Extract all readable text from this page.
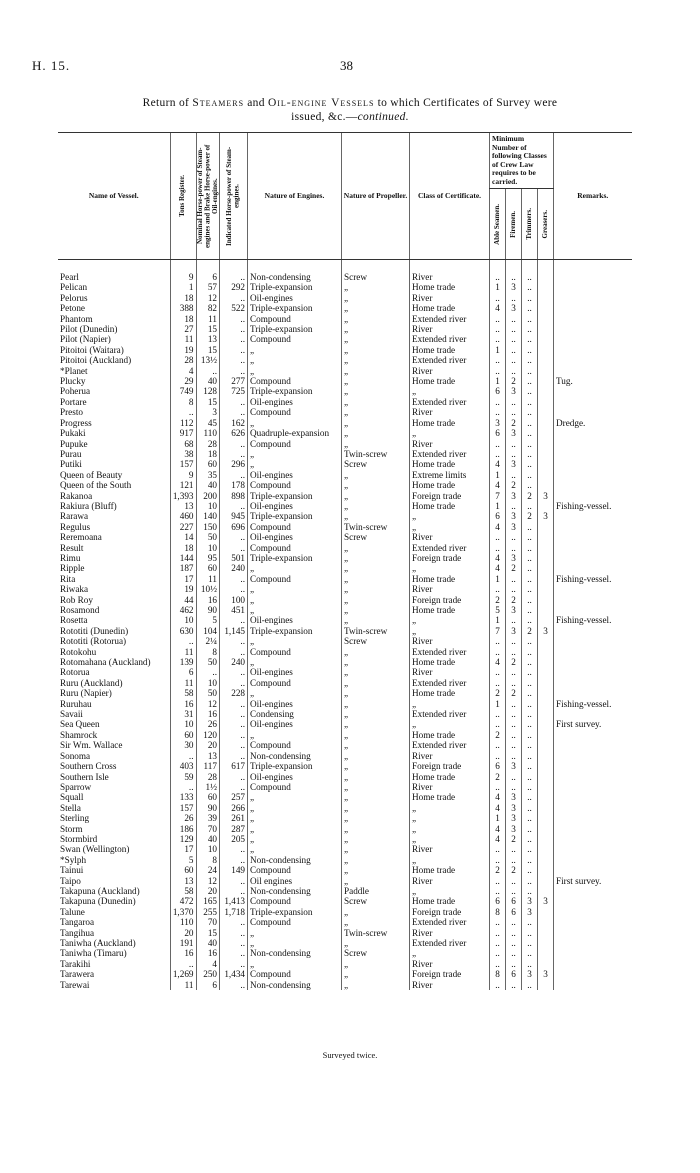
H. 15.	38
Return of Steamers and Oil-engine Vessels to which Certificates of Survey were
issued, &c.—continued.
Name of Vessel.	Tons Register.	Nominal Horse-power of Steam-engines and Brake Horse-power of Oil-engines.	Indicated Horse-power of Steam-engines.	Nature of Engines.	Nature of Propeller.	Class of Certificate.	Minimum Number of following Classes of Crew Law requires to be carried.				Remarks.

							Able Seamen.	Firemen.	Trimmers.	Greasers.	

Pearl	9	6	..	Non-condensing	Screw	River	..	..	..		
Pelican	1	57	292	Triple-expansion	„	Home trade	1	3	..		
Pelorus	18	12	..	Oil-engines	„	River	..	..	..		
Petone	388	82	522	Triple-expansion	„	Home trade	4	3	..		
Phantom	18	11	..	Compound	„	Extended river	..	..	..		
Pilot (Dunedin)	27	15	..	Triple-expansion	„	River	..	..	..		
Pilot (Napier)	11	13	..	Compound	„	Extended river	..	..	..		
Pitoitoi (Waitara)	19	15	..	„	„	Home trade	1	..	..		
Pitoitoi (Auckland)	28	13½	..	„	„	Extended river	..	..	..		
*Planet	4	..	..	„	„	River	..	..	..		
Plucky	29	40	277	Compound	„	Home trade	1	2	..		Tug.
Poherua	749	128	725	Triple-expansion	„	„	6	3	..		
Portare	8	15	..	Oil-engines	„	Extended river	..	..	..		
Presto	..	3	..	Compound	„	River	..	..	..		
Progress	112	45	162	„	„	Home trade	3	2	..		Dredge.
Pukaki	917	110	626	Quadruple-expansion	„	„	6	3	..		
Pupuke	68	28	..	Compound	„	River	..	..	..		
Purau	38	18	..	„	Twin-screw	Extended river	..	..	..		
Putiki	157	60	296	„	Screw	Home trade	4	3	..		
Queen of Beauty	9	35	..	Oil-engines	„	Extreme limits	1	..	..		
Queen of the South	121	40	178	Compound	„	Home trade	4	2	..		
Rakanoa	1,393	200	898	Triple-expansion	„	Foreign trade	7	3	2	3	
Rakiura (Bluff)	13	10	..	Oil-engines	„	Home trade	1	..	..		Fishing-vessel.
Rarawa	460	140	945	Triple-expansion	„	„	6	3	2	3	
Regulus	227	150	696	Compound	Twin-screw	„	4	3	..		
Reremoana	14	50	..	Oil-engines	Screw	River	..	..	..		
Result	18	10	..	Compound	„	Extended river	..	..	..		
Rimu	144	95	501	Triple-expansion	„	Foreign trade	4	3	..		
Ripple	187	60	240	„	„	„	4	2	..		
Rita	17	11	..	Compound	„	Home trade	1	..	..		Fishing-vessel.
Riwaka	19	10½	..	„	„	River	..	..	..		
Rob Roy	44	16	100	„	„	Foreign trade	2	2	..		
Rosamond	462	90	451	„	„	Home trade	5	3	..		
Rosetta	10	5	..	Oil-engines	„	„	1	..	..		Fishing-vessel.
Rototiti (Dunedin)	630	104	1,145	Triple-expansion	Twin-screw	„	7	3	2	3	
Rototiti (Rotorua)	..	2¼	..	„	Screw	River	..	..	..		
Rotokohu	11	8	..	Compound	„	Extended river	..	..	..		
Rotomahana (Auckland)	139	50	240	„	„	Home trade	4	2	..		
Rotorua	6	..	..	Oil-engines	„	River	..	..	..		
Ruru (Auckland)	11	10	..	Compound	„	Extended river	..	..	..		
Ruru (Napier)	58	50	228	„	„	Home trade	2	2	..		
Ruruhau	16	12	..	Oil-engines	„	„	1	..	..		Fishing-vessel.
Savaii	31	16	..	Condensing	„	Extended river	..	..	..		
Sea Queen	10	26	..	Oil-engines	„	„	..	..	..		First survey.
Shamrock	60	120	..	„	„	Home trade	2	..	..		
Sir Wm. Wallace	30	20	..	Compound	„	Extended river	..	..	..		
Sonoma	..	13	..	Non-condensing	„	River	..	..	..		
Southern Cross	403	117	617	Triple-expansion	„	Foreign trade	6	3	..		
Southern Isle	59	28	..	Oil-engines	„	Home trade	2	..	..		
Sparrow	..	1½	..	Compound	„	River	..	..	..		
Squall	133	60	257	„	„	Home trade	4	3	..		
Stella	157	90	266	„	„	„	4	3	..		
Sterling	26	39	261	„	„	„	1	3	..		
Storm	186	70	287	„	„	„	4	3	..		
Stormbird	129	40	205	„	„	„	4	2	..		
Swan (Wellington)	17	10	..	„	„	River	..	..	..		
*Sylph	5	8	..	Non-condensing	„	„	..	..	..		
Tainui	60	24	149	Compound	„	Home trade	2	2	..		
Taipo	13	12	..	Oil engines	„	River	..	..	..		First survey.
Takapuna (Auckland)	58	20	..	Non-condensing	Paddle	„	..	..	..		
Takapuna (Dunedin)	472	165	1,413	Compound	Screw	Home trade	6	6	3	3	
Talune	1,370	255	1,718	Triple-expansion	„	Foreign trade	8	6	3		
Tangaroa	110	70	..	Compound	„	Extended river	..	..	..		
Tangihua	20	15	..	„	Twin-screw	River	..	..	..		
Taniwha (Auckland)	191	40	..	„	„	Extended river	..	..	..		
Taniwha (Timaru)	16	16	..	Non-condensing	Screw	„	..	..	..		
Tarakihi	..	4	..	„	„	River	..	..	..		
Tarawera	1,269	250	1,434	Compound	„	Foreign trade	8	6	3	3	
Tarewai	11	6	..	Non-condensing	„	River	..	..	..		
Surveyed twice.
